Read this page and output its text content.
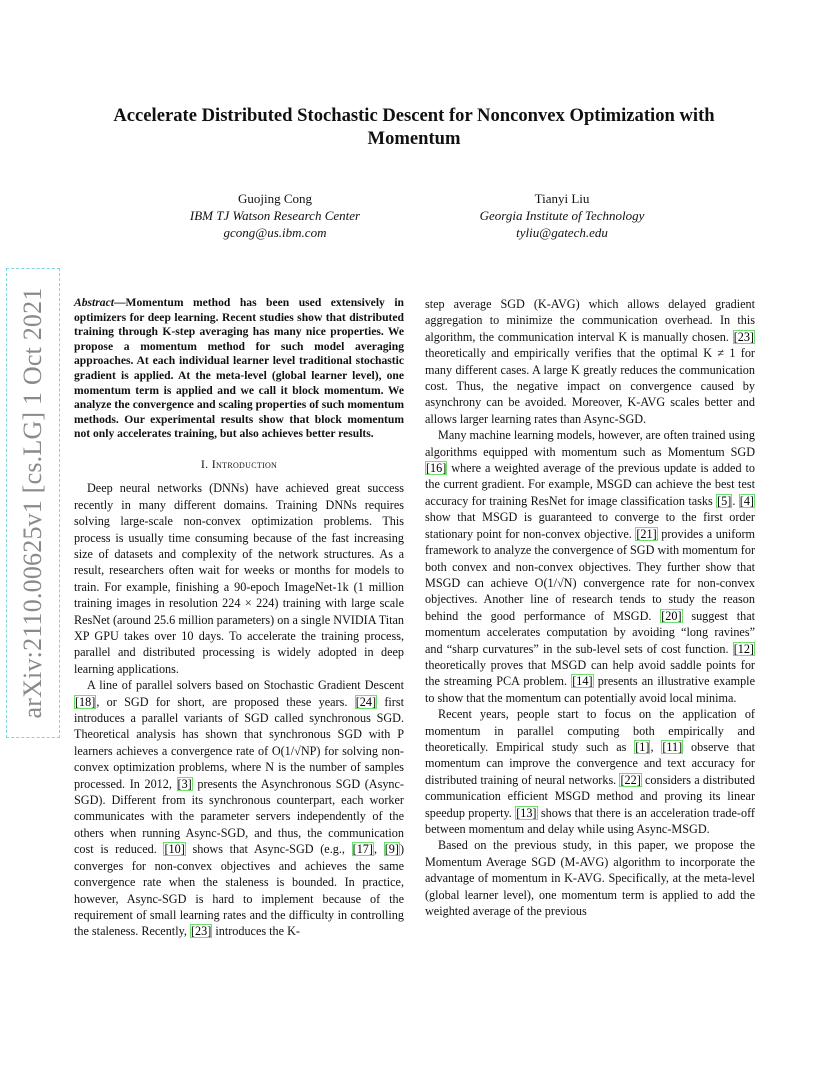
arXiv:2110.00625v1 [cs.LG] 1 Oct 2021
Accelerate Distributed Stochastic Descent for Nonconvex Optimization with
Momentum
Guojing Cong
IBM TJ Watson Research Center
gcong@us.ibm.com
Tianyi Liu
Georgia Institute of Technology
tyliu@gatech.edu

Abstract—Momentum method has been used extensively in optimizers for deep learning. Recent studies show that distributed training through K-step averaging has many nice properties. We propose a momentum method for such model averaging approaches. At each individual learner level traditional stochastic gradient is applied. At the meta-level (global learner level), one momentum term is applied and we call it block momentum. We analyze the convergence and scaling properties of such momentum methods. Our experimental results show that block momentum not only accelerates training, but also achieves better results.

I. Introduction

Deep neural networks (DNNs) have achieved great success recently in many different domains. Training DNNs requires solving large-scale non-convex optimization problems. This process is usually time consuming because of the fast increasing size of datasets and complexity of the network structures. As a result, researchers often wait for weeks or months for models to train. For example, finishing a 90-epoch ImageNet-1k (1 million training images in resolution 224 × 224) training with large scale ResNet (around 25.6 million parameters) on a single NVIDIA Titan XP GPU takes over 10 days. To accelerate the training process, parallel and distributed processing is widely adopted in deep learning applications.

A line of parallel solvers based on Stochastic Gradient Descent [18], or SGD for short, are proposed these years. [24] first introduces a parallel variants of SGD called synchronous SGD. Theoretical analysis has shown that synchronous SGD with P learners achieves a convergence rate of O(1/√NP) for solving non-convex optimization problems, where N is the number of samples processed. In 2012, [3] presents the Asynchronous SGD (Async-SGD). Different from its synchronous counterpart, each worker communicates with the parameter servers independently of the others when running Async-SGD, and thus, the communication cost is reduced. [10] shows that Async-SGD (e.g., [17], [9]) converges for non-convex objectives and achieves the same convergence rate when the staleness is bounded. In practice, however, Async-SGD is hard to implement because of the requirement of small learning rates and the difficulty in controlling the staleness. Recently, [23] introduces the K-

step average SGD (K-AVG) which allows delayed gradient aggregation to minimize the communication overhead. In this algorithm, the communication interval K is manually chosen. [23] theoretically and empirically verifies that the optimal K ≠ 1 for many different cases. A large K greatly reduces the communication cost. Thus, the negative impact on convergence caused by asynchrony can be avoided. Moreover, K-AVG scales better and allows larger learning rates than Async-SGD.

Many machine learning models, however, are often trained using algorithms equipped with momentum such as Momentum SGD [16] where a weighted average of the previous update is added to the current gradient. For example, MSGD can achieve the best test accuracy for training ResNet for image classification tasks [5]. [4] show that MSGD is guaranteed to converge to the first order stationary point for non-convex objective. [21] provides a uniform framework to analyze the convergence of SGD with momentum for both convex and non-convex objectives. They further show that MSGD can achieve O(1/√N) convergence rate for non-convex objectives. Another line of research tends to study the reason behind the good performance of MSGD. [20] suggest that momentum accelerates computation by avoiding “long ravines” and “sharp curvatures” in the sub-level sets of cost function. [12] theoretically proves that MSGD can help avoid saddle points for the streaming PCA problem. [14] presents an illustrative example to show that the momentum can potentially avoid local minima.

Recent years, people start to focus on the application of momentum in parallel computing both empirically and theoretically. Empirical study such as [1], [11] observe that momentum can improve the convergence and text accuracy for distributed training of neural networks. [22] considers a distributed communication efficient MSGD method and proving its linear speedup property. [13] shows that there is an acceleration trade-off between momentum and delay while using Async-MSGD.

Based on the previous study, in this paper, we propose the Momentum Average SGD (M-AVG) algorithm to incorporate the advantage of momentum in K-AVG. Specifically, at the meta-level (global learner level), one momentum term is applied to add the weighted average of the previous
